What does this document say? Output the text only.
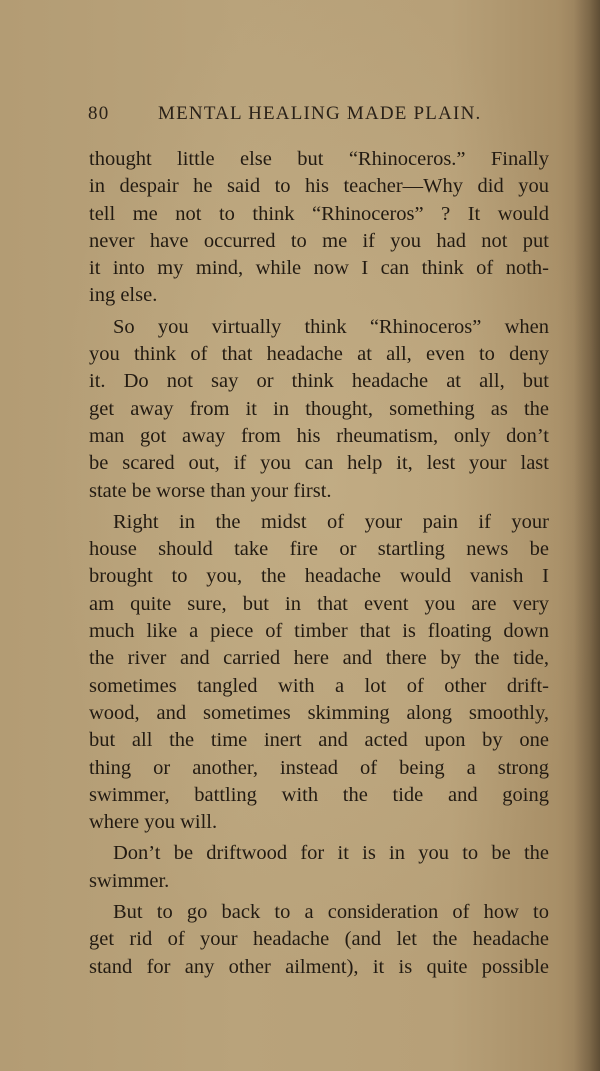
80	MENTAL HEALING MADE PLAIN.

thought little else but “Rhinoceros.” Finally
in despair he said to his teacher—Why did you
tell me not to think “Rhinoceros” ? It would
never have occurred to me if you had not put
it into my mind, while now I can think of noth-
ing else.

So you virtually think “Rhinoceros” when
you think of that headache at all, even to deny
it. Do not say or think headache at all, but
get away from it in thought, something as the
man got away from his rheumatism, only don’t
be scared out, if you can help it, lest your last
state be worse than your first.

Right in the midst of your pain if your
house should take fire or startling news be
brought to you, the headache would vanish I
am quite sure, but in that event you are very
much like a piece of timber that is floating down
the river and carried here and there by the tide,
sometimes tangled with a lot of other drift-
wood, and sometimes skimming along smoothly,
but all the time inert and acted upon by one
thing or another, instead of being a strong
swimmer, battling with the tide and going
where you will.

Don’t be driftwood for it is in you to be the
swimmer.

But to go back to a consideration of how to
get rid of your headache (and let the headache
stand for any other ailment), it is quite possible
